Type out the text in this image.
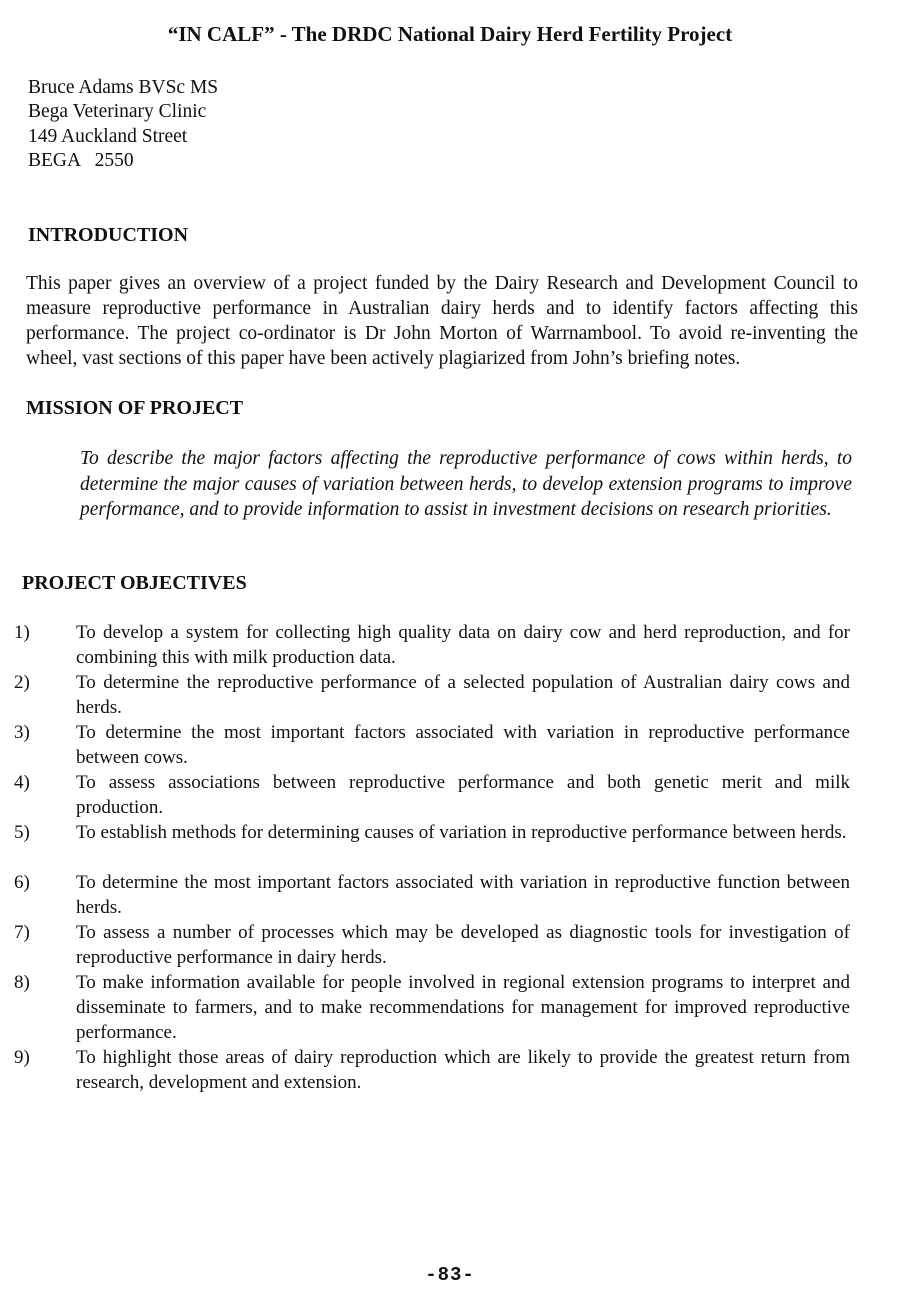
“IN CALF” - The DRDC National Dairy Herd Fertility Project
Bruce Adams BVSc MS
Bega Veterinary Clinic
149 Auckland Street
BEGA   2550
INTRODUCTION
This paper gives an overview of a project funded by the Dairy Research and Development Council to measure reproductive performance in Australian dairy herds and to identify factors affecting this performance. The project co-ordinator is Dr John Morton of Warrnambool. To avoid re-inventing the wheel, vast sections of this paper have been actively plagiarized from John’s briefing notes.
MISSION OF PROJECT
To describe the major factors affecting the reproductive performance of cows within herds, to determine the major causes of variation between herds, to develop extension programs to improve performance, and to provide information to assist in investment decisions on research priorities.
PROJECT OBJECTIVES
1)	To develop a system for collecting high quality data on dairy cow and herd reproduction, and for combining this with milk production data.
2)	To determine the reproductive performance of a selected population of Australian dairy cows and herds.
3)	To determine the most important factors associated with variation in reproductive performance between cows.
4)	To assess associations between reproductive performance and both genetic merit and milk production.
5)	To establish methods for determining causes of variation in reproductive performance between herds.
6)	To determine the most important factors associated with variation in reproductive function between herds.
7)	To assess a number of processes which may be developed as diagnostic tools for investigation of reproductive performance in dairy herds.
8)	To make information available for people involved in regional extension programs to interpret and disseminate to farmers, and to make recommendations for management for improved reproductive performance.
9)	To highlight those areas of dairy reproduction which are likely to provide the greatest return from research, development and extension.
-83-
